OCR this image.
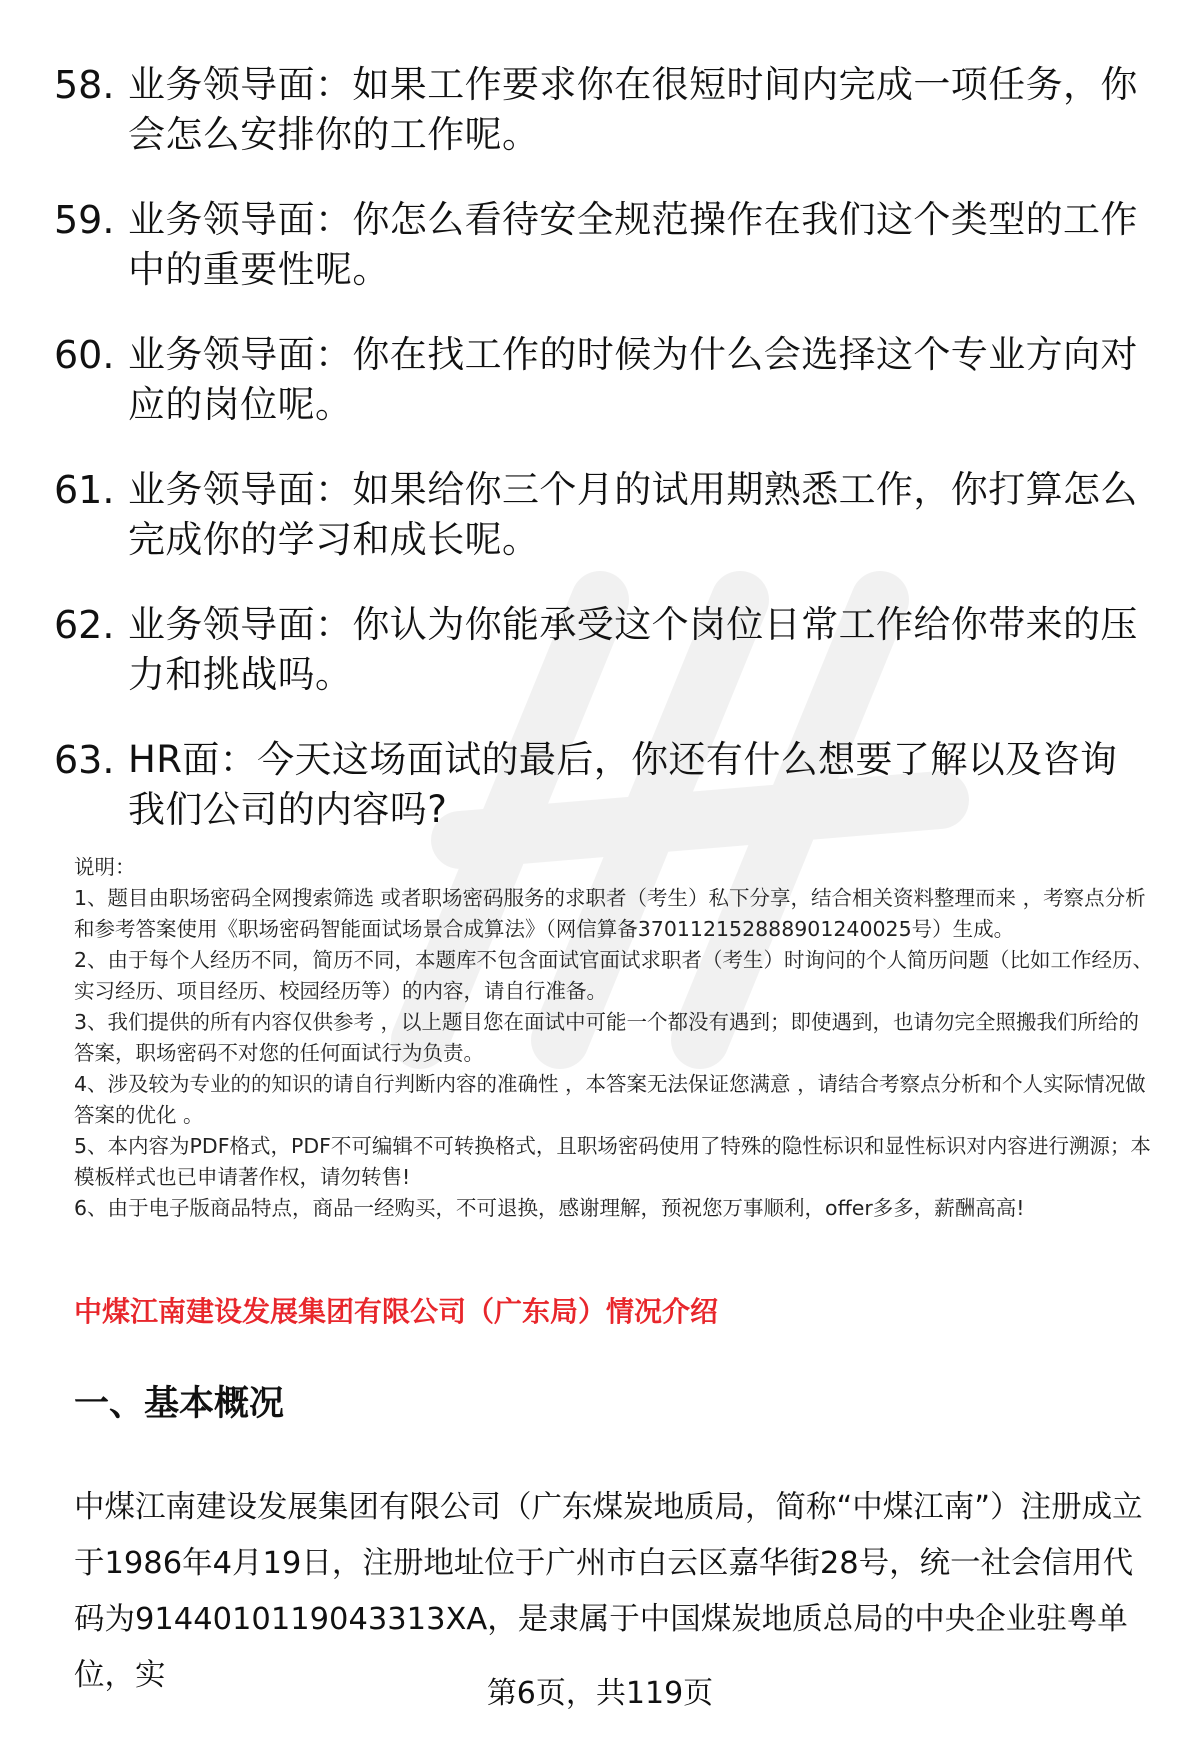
58. 业务领导面：如果工作要求你在很短时间内完成一项任务，你会怎么安排你的工作呢。
59. 业务领导面：你怎么看待安全规范操作在我们这个类型的工作中的重要性呢。
60. 业务领导面：你在找工作的时候为什么会选择这个专业方向对应的岗位呢。
61. 业务领导面：如果给你三个月的试用期熟悉工作，你打算怎么完成你的学习和成长呢。
62. 业务领导面：你认为你能承受这个岗位日常工作给你带来的压力和挑战吗。
63. HR面：今天这场面试的最后，你还有什么想要了解以及咨询我们公司的内容吗?

说明：

1、题目由职场密码全网搜索筛选 或者职场密码服务的求职者（考生）私下分享，结合相关资料整理而来 ，考察点分析和参考答案使用《职场密码智能面试场景合成算法》（网信算备370112152888901240025号）生成。

2、由于每个人经历不同，简历不同，本题库不包含面试官面试求职者（考生）时询问的个人简历问题（比如工作经历、实习经历、项目经历、校园经历等）的内容，请自行准备。

3、我们提供的所有内容仅供参考 ，以上题目您在面试中可能一个都没有遇到；即使遇到，也请勿完全照搬我们所给的答案，职场密码不对您的任何面试行为负责。

4、涉及较为专业的的知识的请自行判断内容的准确性 ，本答案无法保证您满意 ，请结合考察点分析和个人实际情况做答案的优化 。

5、本内容为PDF格式，PDF不可编辑不可转换格式，且职场密码使用了特殊的隐性标识和显性标识对内容进行溯源；本模板样式也已申请著作权，请勿转售!

6、由于电子版商品特点，商品一经购买，不可退换，感谢理解，预祝您万事顺利，offer多多，薪酬高高!

中煤江南建设发展集团有限公司（广东局）情况介绍
一、基本概况

中煤江南建设发展集团有限公司（广东煤炭地质局，简称“中煤江南”）注册成立于1986年4月19日，注册地址位于广州市白云区嘉华街28号，统一社会信用代码为9144010119043313XA，是隶属于中国煤炭地质总局的中央企业驻粤单位，实

第6页，共119页
